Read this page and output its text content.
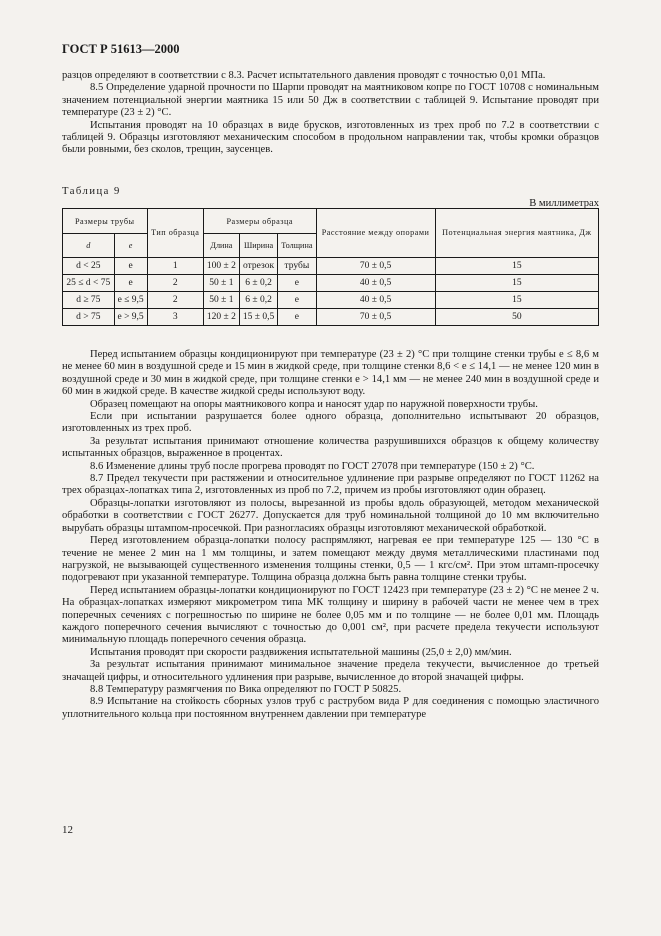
ГОСТ Р 51613—2000

разцов определяют в соответствии с 8.3. Расчет испытательного давления проводят с точностью 0,01 МПа.

8.5 Определение ударной прочности по Шарпи проводят на маятниковом копре по ГОСТ 10708 с номинальным значением потенциальной энергии маятника 15 или 50 Дж в соответствии с таблицей 9. Испытание проводят при температуре (23 ± 2) °С.

Испытания проводят на 10 образцах в виде брусков, изготовленных из трех проб по 7.2 в соответствии с таблицей 9. Образцы изготовляют механическим способом в продольном направлении так, чтобы кромки образцов были ровными, без сколов, трещин, заусенцев.

Таблица 9
В миллиметрах
Размеры трубы		Тип образца	Размеры образца			Расстояние между опорами	Потенциальная энергия маятника, Дж
d	e		Длина	Ширина	Толщина		
d < 25	e	1	100 ± 2	отрезок	трубы	70 ± 0,5	15
25 ≤ d < 75	e	2	50 ± 1	6 ± 0,2	e	40 ± 0,5	15
d ≥ 75	e ≤ 9,5	2	50 ± 1	6 ± 0,2	e	40 ± 0,5	15
d > 75	e > 9,5	3	120 ± 2	15 ± 0,5	e	70 ± 0,5	50

Перед испытанием образцы кондиционируют при температуре (23 ± 2) °С при толщине стенки трубы e ≤ 8,6 м не менее 60 мин в воздушной среде и 15 мин в жидкой среде, при толщине стенки 8,6 < e ≤ 14,1 — не менее 120 мин в воздушной среде и 30 мин в жидкой среде, при толщине стенки e > 14,1 мм — не менее 240 мин в воздушной среде и 60 мин в жидкой среде. В качестве жидкой среды используют воду.

Образец помещают на опоры маятникового копра и наносят удар по наружной поверхности трубы.

Если при испытании разрушается более одного образца, дополнительно испытывают 20 образцов, изготовленных из трех проб.

За результат испытания принимают отношение количества разрушившихся образцов к общему количеству испытанных образцов, выраженное в процентах.

8.6 Изменение длины труб после прогрева проводят по ГОСТ 27078 при температуре (150 ± 2) °С.

8.7 Предел текучести при растяжении и относительное удлинение при разрыве определяют по ГОСТ 11262 на трех образцах-лопатках типа 2, изготовленных из проб по 7.2, причем из пробы изготовляют один образец.

Образцы-лопатки изготовляют из полосы, вырезанной из пробы вдоль образующей, методом механической обработки в соответствии с ГОСТ 26277. Допускается для труб номинальной толщиной до 10 мм включительно вырубать образцы штампом-просечкой. При разногласиях образцы изготовляют механической обработкой.

Перед изготовлением образца-лопатки полосу распрямляют, нагревая ее при температуре 125 — 130 °С в течение не менее 2 мин на 1 мм толщины, и затем помещают между двумя металлическими пластинами под нагрузкой, не вызывающей существенного изменения толщины стенки, 0,5 — 1 кгс/см². При этом штамп-просечку подогревают при указанной температуре. Толщина образца должна быть равна толщине стенки трубы.

Перед испытанием образцы-лопатки кондиционируют по ГОСТ 12423 при температуре (23 ± 2) °С не менее 2 ч. На образцах-лопатках измеряют микрометром типа МК толщину и ширину в рабочей части не менее чем в трех поперечных сечениях с погрешностью по ширине не более 0,05 мм и по толщине — не более 0,01 мм. Площадь каждого поперечного сечения вычисляют с точностью до 0,001 см², при расчете предела текучести используют минимальную площадь поперечного сечения образца.

Испытания проводят при скорости раздвижения испытательной машины (25,0 ± 2,0) мм/мин.

За результат испытания принимают минимальное значение предела текучести, вычисленное до третьей значащей цифры, и относительного удлинения при разрыве, вычисленное до второй значащей цифры.

8.8 Температуру размягчения по Вика определяют по ГОСТ Р 50825.

8.9 Испытание на стойкость сборных узлов труб с раструбом вида Р для соединения с помощью эластичного уплотнительного кольца при постоянном внутреннем давлении при температуре

12
